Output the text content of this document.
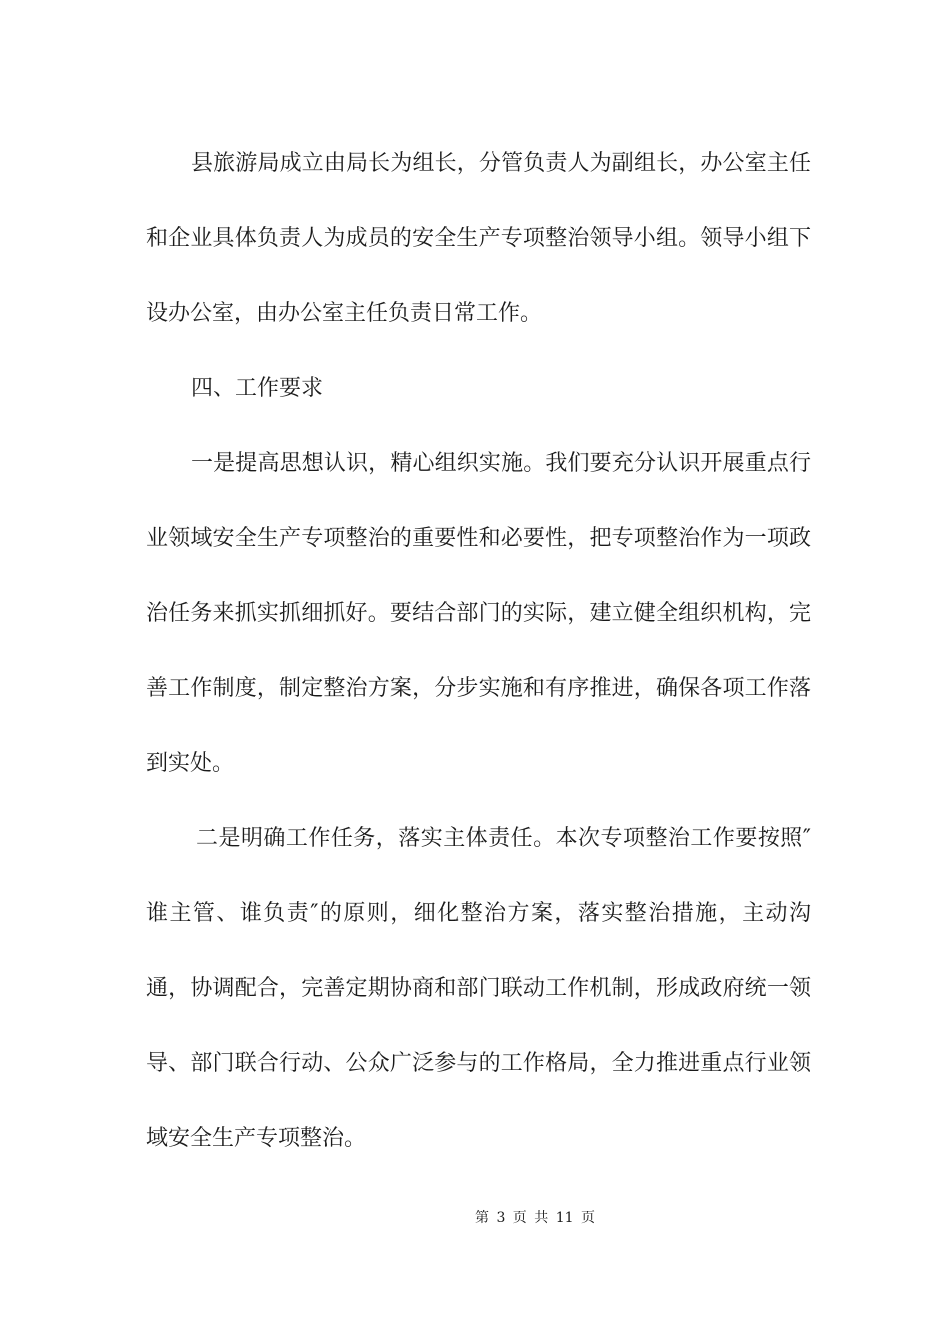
县旅游局成立由局长为组长，分管负责人为副组长，办公室主任和企业具体负责人为成员的安全生产专项整治领导小组。领导小组下设办公室，由办公室主任负责日常工作。

四、工作要求

一是提高思想认识，精心组织实施。我们要充分认识开展重点行业领域安全生产专项整治的重要性和必要性，把专项整治作为一项政治任务来抓实抓细抓好。要结合部门的实际，建立健全组织机构，完善工作制度，制定整治方案，分步实施和有序推进，确保各项工作落到实处。

二是明确工作任务，落实主体责任。本次专项整治工作要按照″谁主管、谁负责″的原则，细化整治方案，落实整治措施，主动沟通，协调配合，完善定期协商和部门联动工作机制，形成政府统一领导、部门联合行动、公众广泛参与的工作格局，全力推进重点行业领域安全生产专项整治。

第 3 页 共 11 页
